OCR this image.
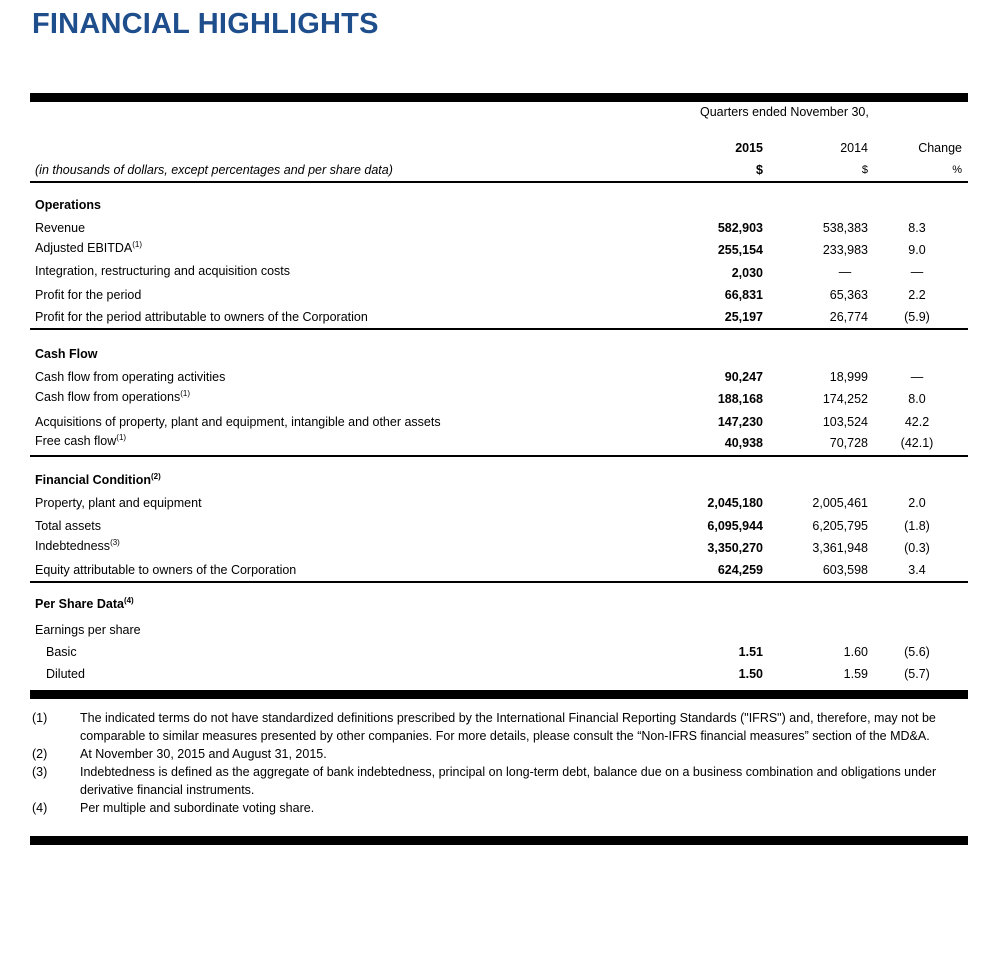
FINANCIAL HIGHLIGHTS
Quarters ended November 30,
2015	2014	Change
(in thousands of dollars, except percentages and per share data)	$	$	%
Operations
Revenue	582,903	538,383	8.3
Adjusted EBITDA$^{(1)}$	255,154	233,983	9.0
Integration, restructuring and acquisition costs	2,030	—	—
Profit for the period	66,831	65,363	2.2
Profit for the period attributable to owners of the Corporation	25,197	26,774	(5.9)
Cash Flow
Cash flow from operating activities	90,247	18,999	—
Cash flow from operations$^{(1)}$	188,168	174,252	8.0
Acquisitions of property, plant and equipment, intangible and other assets	147,230	103,524	42.2
Free cash flow$^{(1)}$	40,938	70,728	(42.1)
Financial Condition$^{(2)}$
Property, plant and equipment	2,045,180	2,005,461	2.0
Total assets	6,095,944	6,205,795	(1.8)
Indebtedness$^{(3)}$	3,350,270	3,361,948	(0.3)
Equity attributable to owners of the Corporation	624,259	603,598	3.4
Per Share Data$^{(4)}$
Earnings per share
Basic	1.51	1.60	(5.6)
Diluted	1.50	1.59	(5.7)
(1)	The indicated terms do not have standardized definitions prescribed by the International Financial Reporting Standards ("IFRS") and, therefore, may not be comparable to similar measures presented by other companies. For more details, please consult the “Non-IFRS financial measures” section of the MD&A.
(2)	At November 30, 2015 and August 31, 2015.
(3)	Indebtedness is defined as the aggregate of bank indebtedness, principal on long-term debt, balance due on a business combination and obligations under derivative financial instruments.
(4)	Per multiple and subordinate voting share.
